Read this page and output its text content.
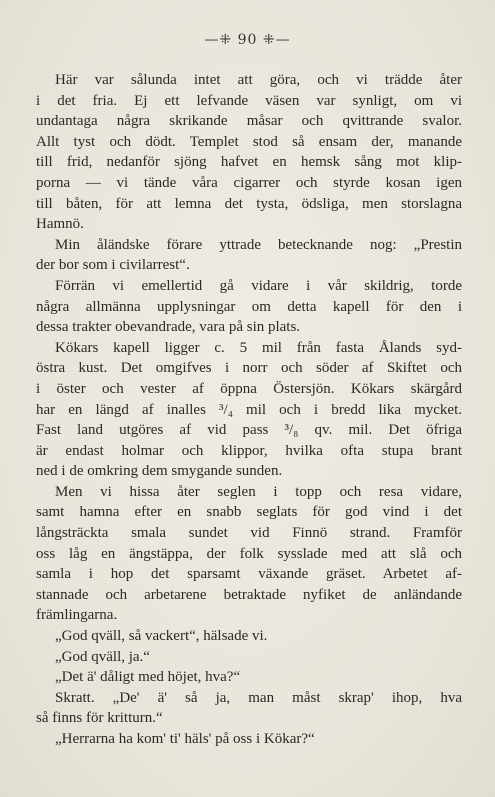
—⁜ 90 ⁜—
Här var sålunda intet att göra, och vi trädde åter
i det fria. Ej ett lefvande väsen var synligt, om vi
undantaga några skrikande måsar och qvittrande svalor.
Allt tyst och dödt. Templet stod så ensam der, manande
till frid, nedanför sjöng hafvet en hemsk sång mot klip-
porna — vi tände våra cigarrer och styrde kosan igen
till båten, för att lemna det tysta, ödsliga, men storslagna
Hamnö.
Min åländske förare yttrade betecknande nog: „Prestin
der bor som i civilarrest“.
Förrän vi emellertid gå vidare i vår skildrig, torde
några allmänna upplysningar om detta kapell för den i
dessa trakter obevandrade, vara på sin plats.
Kökars kapell ligger c. 5 mil från fasta Ålands syd-
östra kust. Det omgifves i norr och söder af Skiftet och
i öster och vester af öppna Östersjön. Kökars skärgård
har en längd af inalles ³/₄ mil och i bredd lika mycket.
Fast land utgöres af vid pass ³/₈ qv. mil. Det öfriga
är endast holmar och klippor, hvilka ofta stupa brant
ned i de omkring dem smygande sunden.
Men vi hissa åter seglen i topp och resa vidare,
samt hamna efter en snabb seglats för god vind i det
långsträckta smala sundet vid Finnö strand. Framför
oss låg en ängstäppa, der folk sysslade med att slå och
samla i hop det sparsamt växande gräset. Arbetet af-
stannade och arbetarene betraktade nyfiket de anländande
främlingarna.
„God qväll, så vackert“, hälsade vi.
„God qväll, ja.“
„Det ä' dåligt med höjet, hva?“
Skratt. „De' ä' så ja, man måst skrap' ihop, hva
så finns för kritturn.“
„Herrarna ha kom' ti' häls' på oss i Kökar?“
